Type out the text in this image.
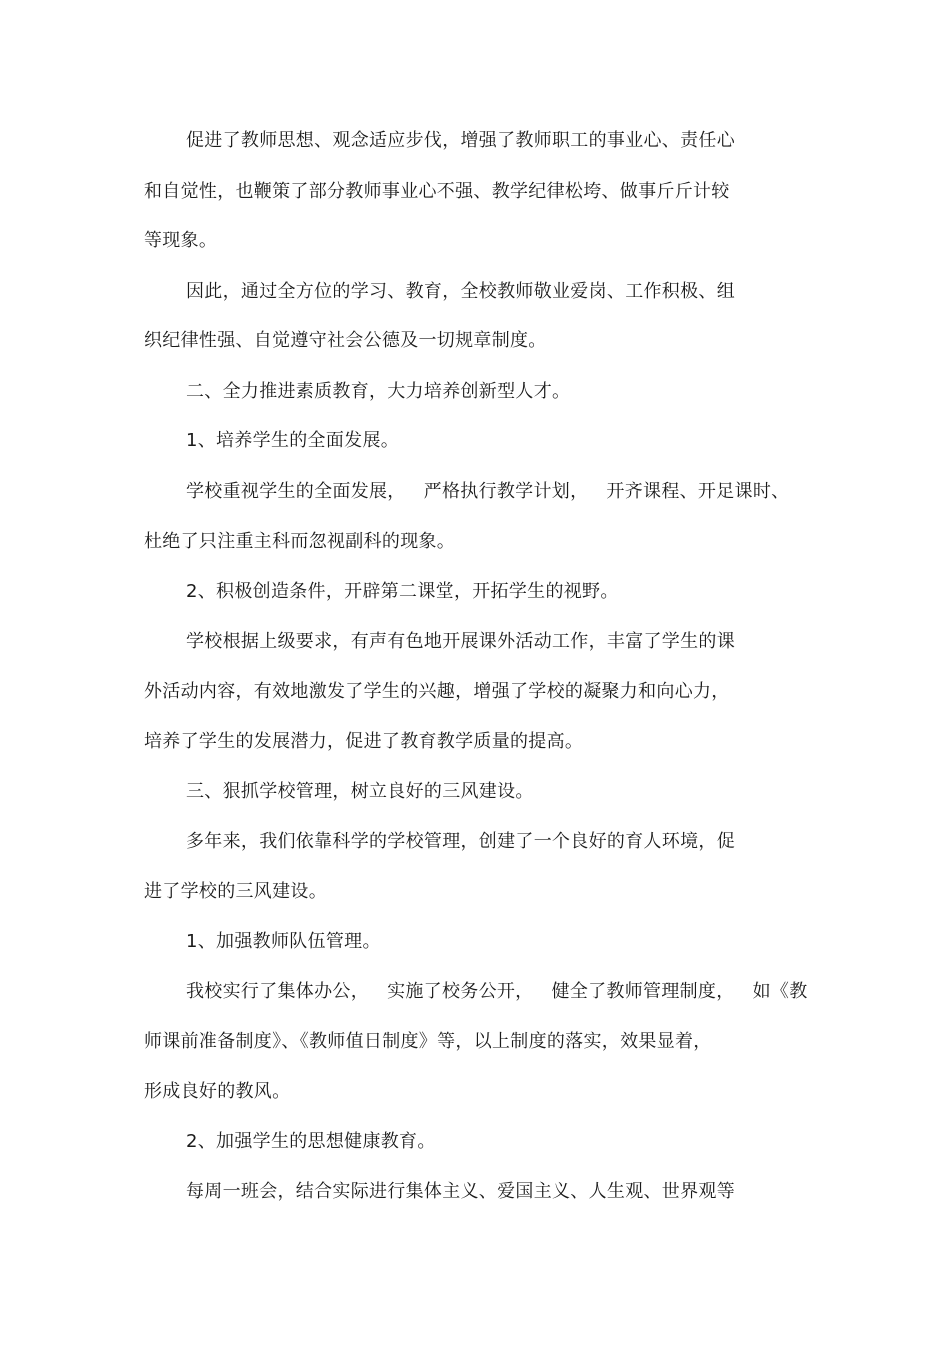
促进了教师思想、观念适应步伐，增强了教师职工的事业心、责任心
和自觉性，也鞭策了部分教师事业心不强、教学纪律松垮、做事斤斤计较
等现象。
因此，通过全方位的学习、教育，全校教师敬业爱岗、工作积极、组
织纪律性强、自觉遵守社会公德及一切规章制度。
二、全力推进素质教育，大力培养创新型人才。
1、培养学生的全面发展。
学校重视学生的全面发展，   严格执行教学计划，   开齐课程、开足课时、
杜绝了只注重主科而忽视副科的现象。
2、积极创造条件，开辟第二课堂，开拓学生的视野。
学校根据上级要求，有声有色地开展课外活动工作，丰富了学生的课
外活动内容，有效地激发了学生的兴趣，增强了学校的凝聚力和向心力，
培养了学生的发展潜力，促进了教育教学质量的提高。
三、狠抓学校管理，树立良好的三风建设。
多年来，我们依靠科学的学校管理，创建了一个良好的育人环境，促
进了学校的三风建设。
1、加强教师队伍管理。
我校实行了集体办公，   实施了校务公开，   健全了教师管理制度，   如《教
师课前准备制度》、《教师值日制度》等，以上制度的落实，效果显着，
形成良好的教风。
2、加强学生的思想健康教育。
每周一班会，结合实际进行集体主义、爱国主义、人生观、世界观等
